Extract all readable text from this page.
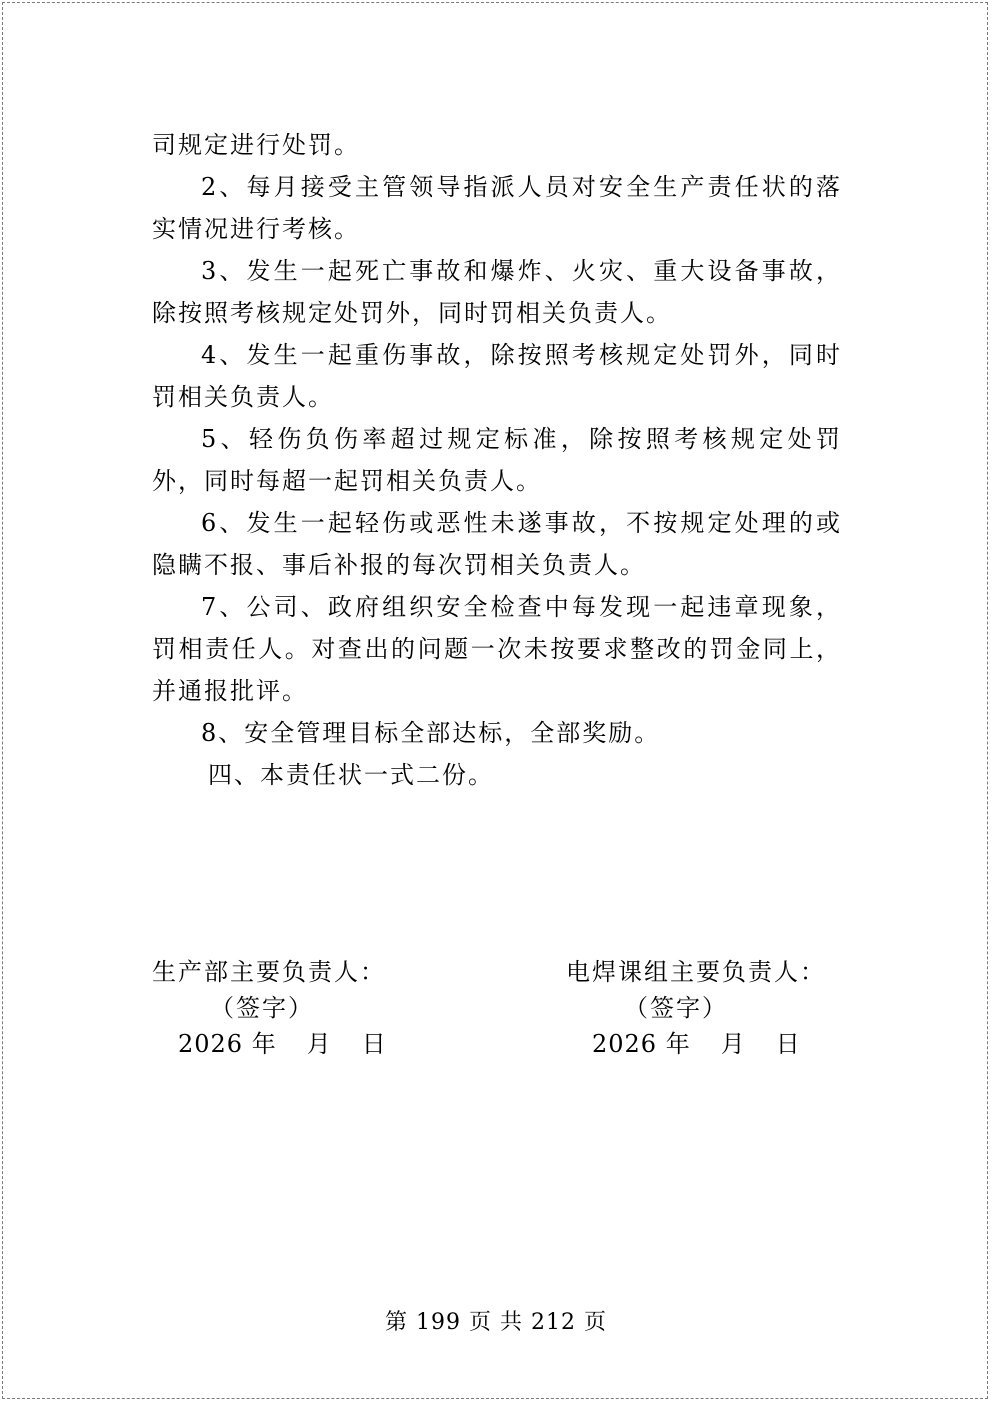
司规定进行处罚。

2、每月接受主管领导指派人员对安全生产责任状的落实情况进行考核。

3、发生一起死亡事故和爆炸、火灾、重大设备事故，除按照考核规定处罚外，同时罚相关负责人。

4、发生一起重伤事故，除按照考核规定处罚外，同时罚相关负责人。

5、轻伤负伤率超过规定标准，除按照考核规定处罚外，同时每超一起罚相关负责人。

6、发生一起轻伤或恶性未遂事故，不按规定处理的或隐瞒不报、事后补报的每次罚相关负责人。

7、公司、政府组织安全检查中每发现一起违章现象，罚相责任人。对查出的问题一次未按要求整改的罚金同上，并通报批评。

8、安全管理目标全部达标，全部奖励。

四、本责任状一式二份。

生产部主要负责人：
（签字）
2026 年 月 日
电焊课组主要负责人：
（签字）
2026 年 月 日
第 199 页 共 212 页
